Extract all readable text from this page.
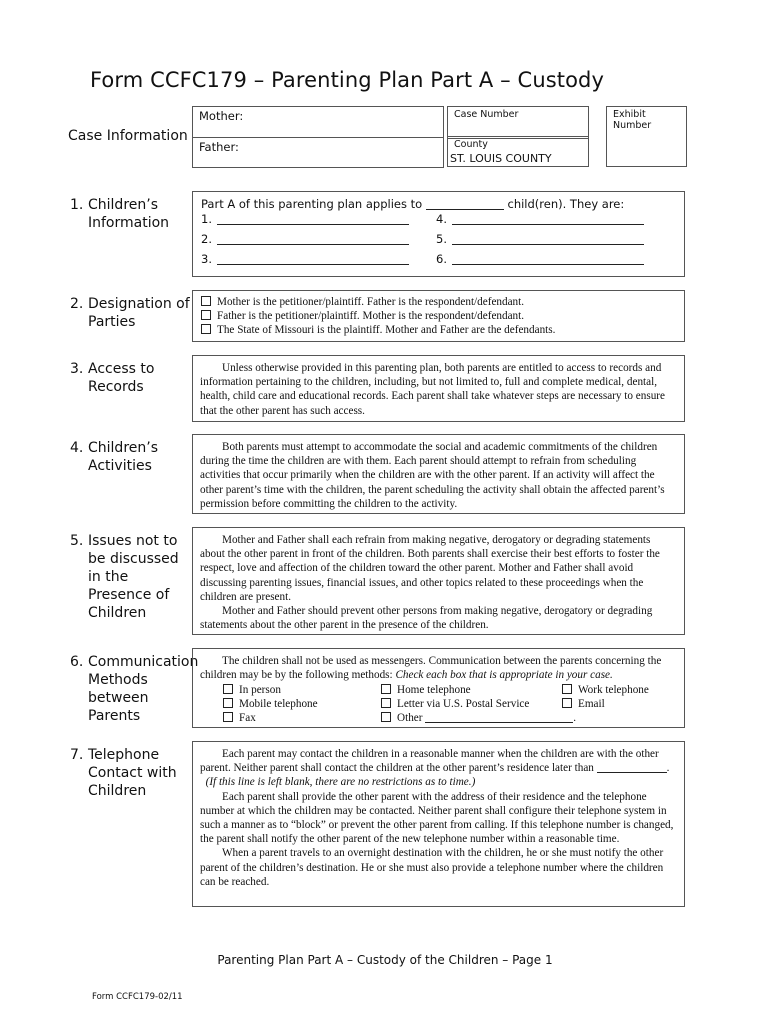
Form CCFC179 – Parenting Plan Part A – Custody
Case Information
Mother:
Father:
Case Number
County
ST. LOUIS COUNTY
Exhibit Number
1. Children’s
Information
Part A of this parenting plan applies to	child(ren). They are:
1.	4.
2.	5.
3.	6.
2. Designation of
Parties
Mother is the petitioner/plaintiff. Father is the respondent/defendant.
Father is the petitioner/plaintiff. Mother is the respondent/defendant.
The State of Missouri is the plaintiff. Mother and Father are the defendants.
3. Access to
Records
Unless otherwise provided in this parenting plan, both parents are entitled to access to records and information pertaining to the children, including, but not limited to, full and complete medical, dental, health, child care and educational records. Each parent shall take whatever steps are necessary to ensure that the other parent has such access.
4. Children’s
Activities
Both parents must attempt to accommodate the social and academic commitments of the children during the time the children are with them. Each parent should attempt to refrain from scheduling activities that occur primarily when the children are with the other parent. If an activity will affect the other parent’s time with the children, the parent scheduling the activity shall obtain the affected parent’s permission before committing the children to the activity.
5. Issues not to
be discussed
in the
Presence of
Children
Mother and Father shall each refrain from making negative, derogatory or degrading statements about the other parent in front of the children. Both parents shall exercise their best efforts to foster the respect, love and affection of the children toward the other parent. Mother and Father shall avoid discussing parenting issues, financial issues, and other topics related to these proceedings when the children are present.
Mother and Father should prevent other persons from making negative, derogatory or degrading statements about the other parent in the presence of the children.
6. Communication
Methods
between
Parents
The children shall not be used as messengers. Communication between the parents concerning the children may be by the following methods: Check each box that is appropriate in your case.
In person	Home telephone	Work telephone
Mobile telephone	Letter via U.S. Postal Service	Email
Fax	Other	.
7. Telephone
Contact with
Children
Each parent may contact the children in a reasonable manner when the children are with the other parent. Neither parent shall contact the children at the other parent’s residence later than	.   (If this line is left blank, there are no restrictions as to time.)
Each parent shall provide the other parent with the address of their residence and the telephone number at which the children may be contacted. Neither parent shall configure their telephone system in such a manner as to “block” or prevent the other parent from calling. If this telephone number is changed, the parent shall notify the other parent of the new telephone number within a reasonable time.
When a parent travels to an overnight destination with the children, he or she must notify the other parent of the children’s destination. He or she must also provide a telephone number where the children can be reached.
Parenting Plan Part A – Custody of the Children – Page 1
Form CCFC179-02/11
